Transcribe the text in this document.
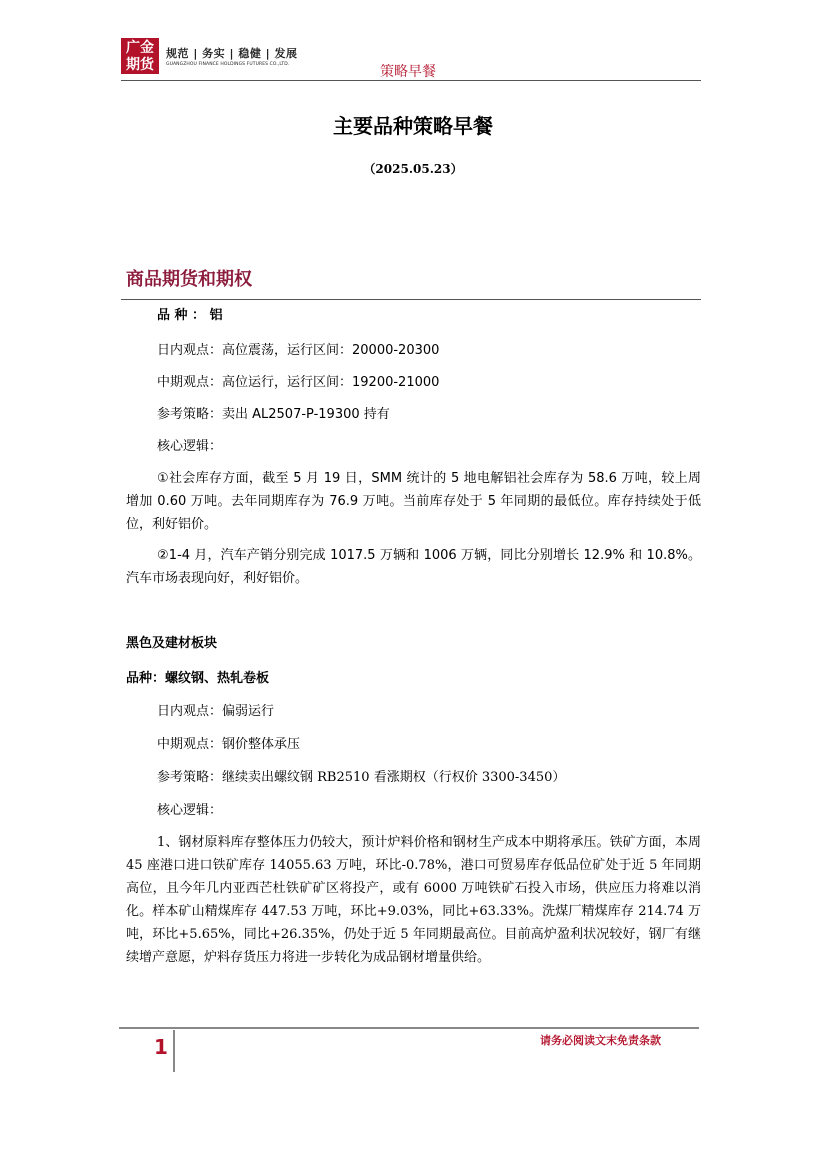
广金
期货
规范 | 务实 | 稳健 | 发展
GUANGZHOU FINANCE HOLDINGS FUTURES CO.,LTD.	策略早餐
主要品种策略早餐
（2025.05.23）
商品期货和期权
品 种 ： 铝
日内观点：高位震荡，运行区间：20000-20300
中期观点：高位运行，运行区间：19200-21000
参考策略：卖出 AL2507-P-19300 持有
核心逻辑：
①社会库存方面，截至 5 月 19 日，SMM 统计的 5 地电解铝社会库存为 58.6 万吨，较上周增加 0.60 万吨。去年同期库存为 76.9 万吨。当前库存处于 5 年同期的最低位。库存持续处于低位，利好铝价。
②1-4 月，汽车产销分别完成 1017.5 万辆和 1006 万辆，同比分别增长 12.9% 和 10.8%。汽车市场表现向好，利好铝价。
黑色及建材板块
品种：螺纹钢、热轧卷板
日内观点：偏弱运行
中期观点：钢价整体承压
参考策略：继续卖出螺纹钢 RB2510 看涨期权（行权价 3300-3450）
核心逻辑：
1、钢材原料库存整体压力仍较大，预计炉料价格和钢材生产成本中期将承压。铁矿方面，本周 45 座港口进口铁矿库存 14055.63 万吨，环比-0.78%，港口可贸易库存低品位矿处于近 5 年同期高位，且今年几内亚西芒杜铁矿矿区将投产，或有 6000 万吨铁矿石投入市场，供应压力将难以消化。样本矿山精煤库存 447.53 万吨，环比+9.03%，同比+63.33%。洗煤厂精煤库存 214.74 万吨，环比+5.65%，同比+26.35%，仍处于近 5 年同期最高位。目前高炉盈利状况较好，钢厂有继续增产意愿，炉料存货压力将进一步转化为成品钢材增量供给。
1	请务必阅读文末免责条款
